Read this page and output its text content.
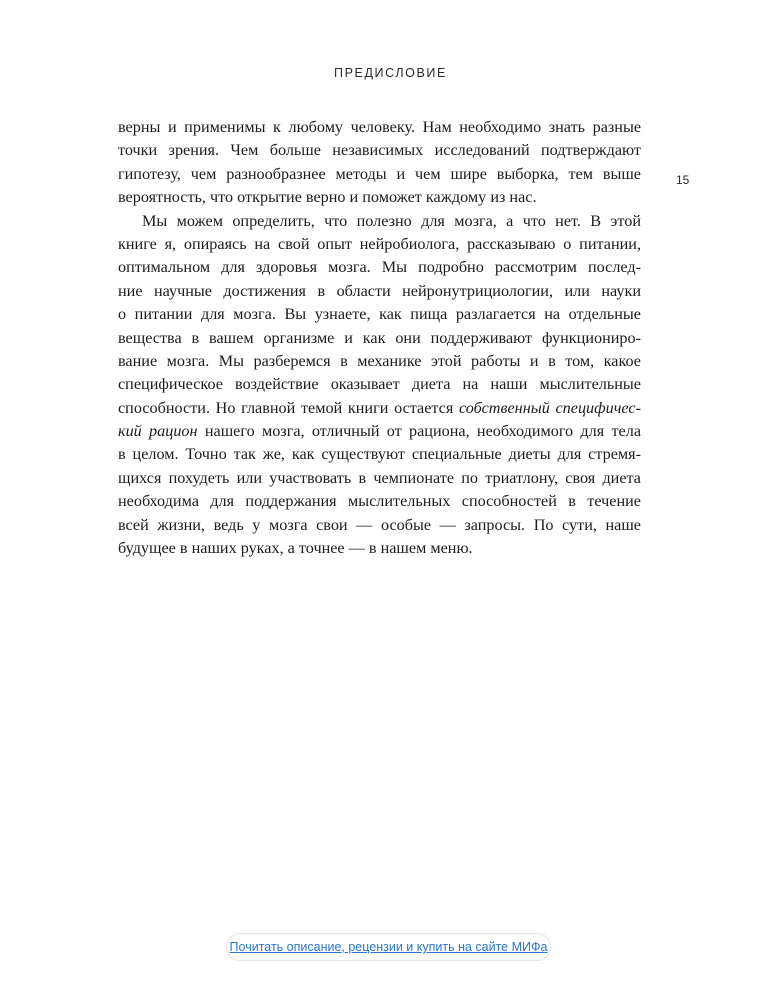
ПРЕДИСЛОВИЕ
15
верны и применимы к любому человеку. Нам необходимо знать разные
точки зрения. Чем больше независимых исследований подтверждают
гипотезу, чем разнообразнее методы и чем шире выборка, тем выше
вероятность, что открытие верно и поможет каждому из нас.
Мы можем определить, что полезно для мозга, а что нет. В этой
книге я, опираясь на свой опыт нейробиолога, рассказываю о питании,
оптимальном для здоровья мозга. Мы подробно рассмотрим послед-
ние научные достижения в области нейронутрициологии, или науки
о питании для мозга. Вы узнаете, как пища разлагается на отдельные
вещества в вашем организме и как они поддерживают функциониро-
вание мозга. Мы разберемся в механике этой работы и в том, какое
специфическое воздействие оказывает диета на наши мыслительные
способности. Но главной темой книги остается собственный специфичес-
кий рацион нашего мозга, отличный от рациона, необходимого для тела
в целом. Точно так же, как существуют специальные диеты для стремя-
щихся похудеть или участвовать в чемпионате по триатлону, своя диета
необходима для поддержания мыслительных способностей в течение
всей жизни, ведь у мозга свои — особые — запросы. По сути, наше
будущее в наших руках, а точнее — в нашем меню.
Почитать описание, рецензии и купить на сайте МИФа
